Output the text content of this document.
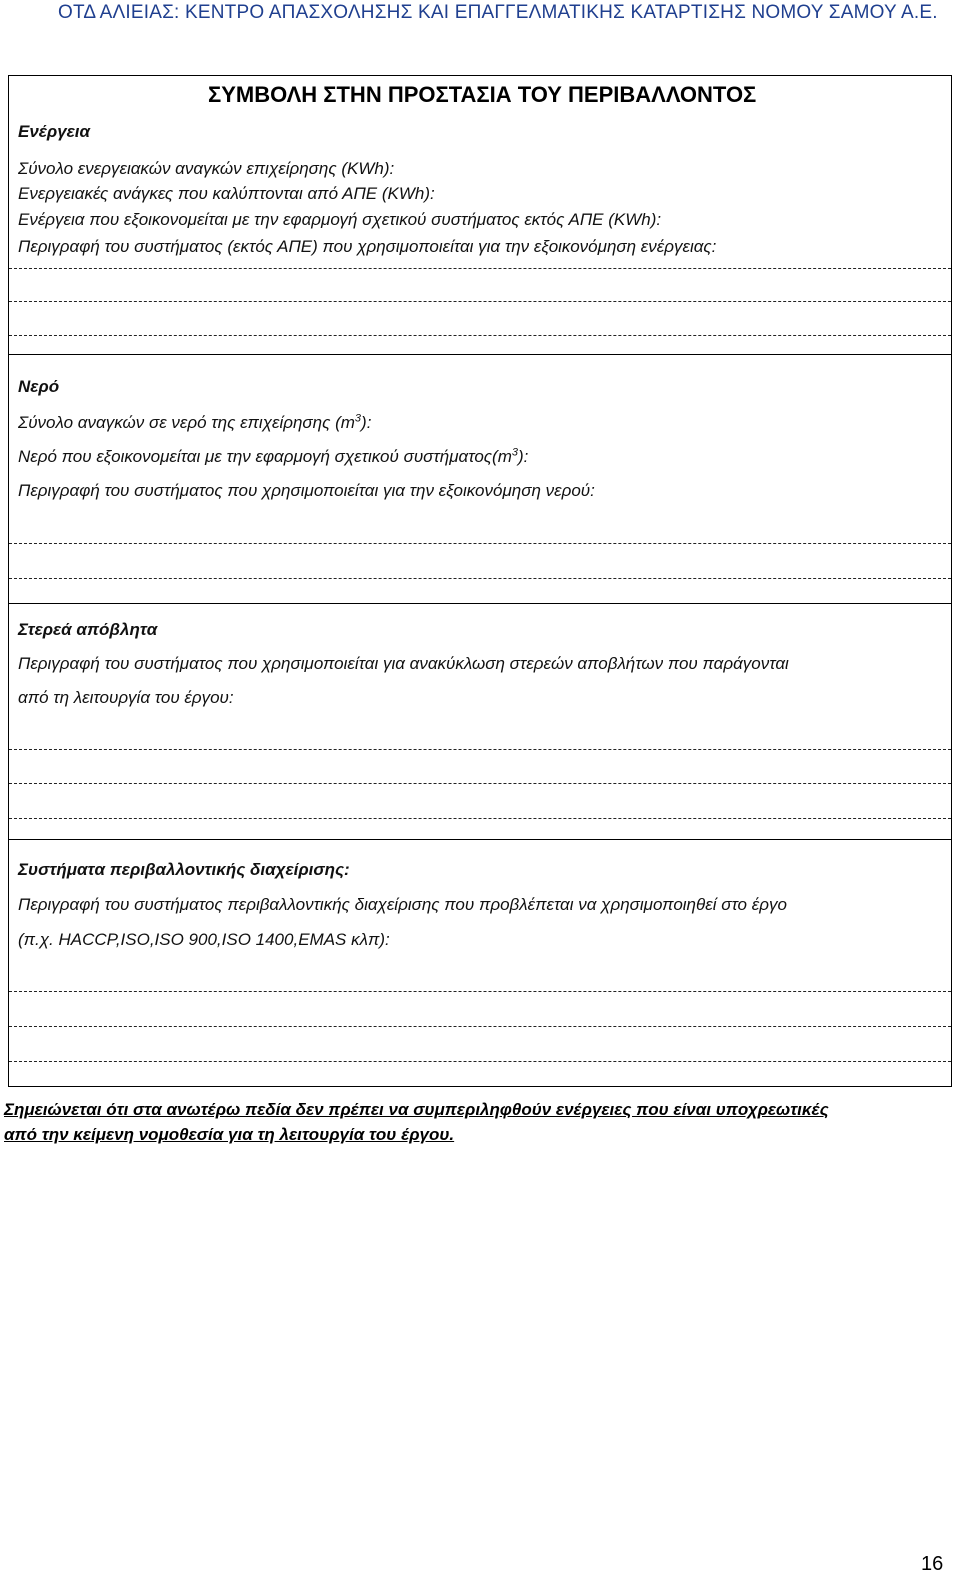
ΟΤΔ ΑΛΙΕΙΑΣ: ΚΕΝΤΡΟ ΑΠΑΣΧΟΛΗΣΗΣ ΚΑΙ ΕΠΑΓΓΕΛΜΑΤΙΚΗΣ ΚΑΤΑΡΤΙΣΗΣ ΝΟΜΟΥ ΣΑΜΟΥ Α.Ε.
ΣΥΜΒΟΛΗ ΣΤΗΝ ΠΡΟΣΤΑΣΙΑ ΤΟΥ ΠΕΡΙΒΑΛΛΟΝΤΟΣ
Ενέργεια
Σύνολο ενεργειακών αναγκών επιχείρησης (KWh):
Ενεργειακές ανάγκες που καλύπτονται από ΑΠΕ (KWh):
Ενέργεια που εξοικονομείται με την εφαρμογή σχετικού συστήματος εκτός ΑΠΕ (KWh):
Περιγραφή του συστήματος (εκτός ΑΠΕ) που χρησιμοποιείται για την εξοικονόμηση ενέργειας:
Νερό
Σύνολο αναγκών σε νερό της επιχείρησης $(m^3)$:
Νερό που εξοικονομείται με την εφαρμογή σχετικού $\sigma\upsilon\sigma\tau ή\mu\alpha\tau o\varsigma(m^3)$:
Περιγραφή του συστήματος που χρησιμοποιείται για την εξοικονόμηση νερού:
Στερεά απόβλητα
Περιγραφή του συστήματος που χρησιμοποιείται για ανακύκλωση στερεών αποβλήτων που παράγονται
από τη λειτουργία του έργου:
Συστήματα περιβαλλοντικής διαχείρισης:
Περιγραφή του συστήματος περιβαλλοντικής διαχείρισης που προβλέπεται να χρησιμοποιηθεί στο έργο
(π.χ. HACCP,ISO,ISO 900,ISO 1400,EMAS κλπ):
Σημειώνεται ότι στα ανωτέρω πεδία δεν πρέπει να συμπεριληφθούν ενέργειες που είναι υποχρεωτικές
από την κείμενη νομοθεσία για τη λειτουργία του έργου.
16
